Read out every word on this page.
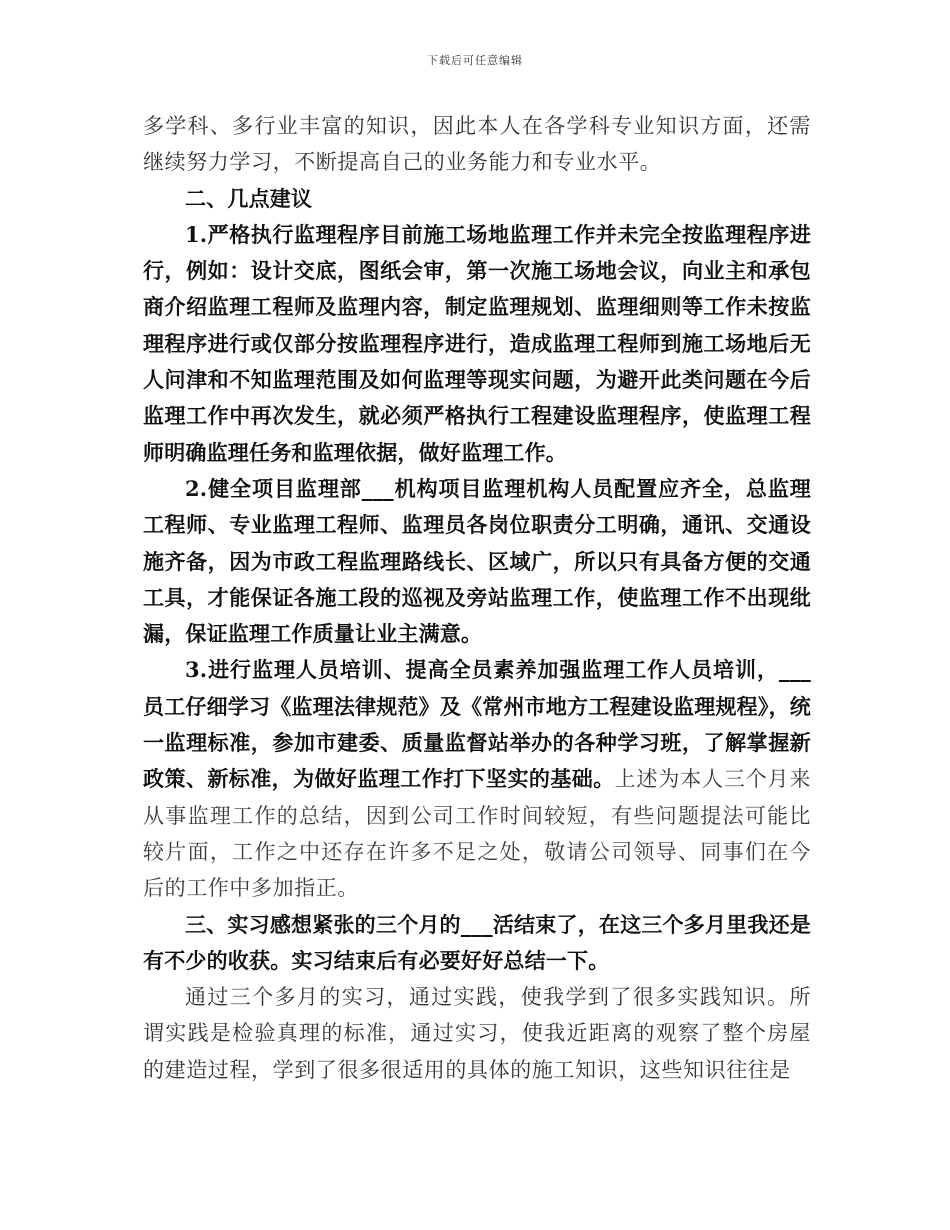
下载后可任意编辑

多学科、多行业丰富的知识，因此本人在各学科专业知识方面，还需继续努力学习，不断提高自己的业务能力和专业水平。

二、几点建议

1.严格执行监理程序目前施工场地监理工作并未完全按监理程序进行，例如：设计交底，图纸会审，第一次施工场地会议，向业主和承包商介绍监理工程师及监理内容，制定监理规划、监理细则等工作未按监理程序进行或仅部分按监理程序进行，造成监理工程师到施工场地后无人问津和不知监理范围及如何监理等现实问题，为避开此类问题在今后监理工作中再次发生，就必须严格执行工程建设监理程序，使监理工程师明确监理任务和监理依据，做好监理工作。

2.健全项目监理部___机构项目监理机构人员配置应齐全，总监理工程师、专业监理工程师、监理员各岗位职责分工明确，通讯、交通设施齐备，因为市政工程监理路线长、区域广，所以只有具备方便的交通工具，才能保证各施工段的巡视及旁站监理工作，使监理工作不出现纰漏，保证监理工作质量让业主满意。

3.进行监理人员培训、提高全员素养加强监理工作人员培训，___员工仔细学习《监理法律规范》及《常州市地方工程建设监理规程》，统一监理标准，参加市建委、质量监督站举办的各种学习班，了解掌握新政策、新标准，为做好监理工作打下坚实的基础。上述为本人三个月来从事监理工作的总结，因到公司工作时间较短，有些问题提法可能比较片面，工作之中还存在许多不足之处，敬请公司领导、同事们在今后的工作中多加指正。

三、实习感想紧张的三个月的___活结束了，在这三个多月里我还是有不少的收获。实习结束后有必要好好总结一下。

通过三个多月的实习，通过实践，使我学到了很多实践知识。所谓实践是检验真理的标准，通过实习，使我近距离的观察了整个房屋的建造过程，学到了很多很适用的具体的施工知识，这些知识往往是
